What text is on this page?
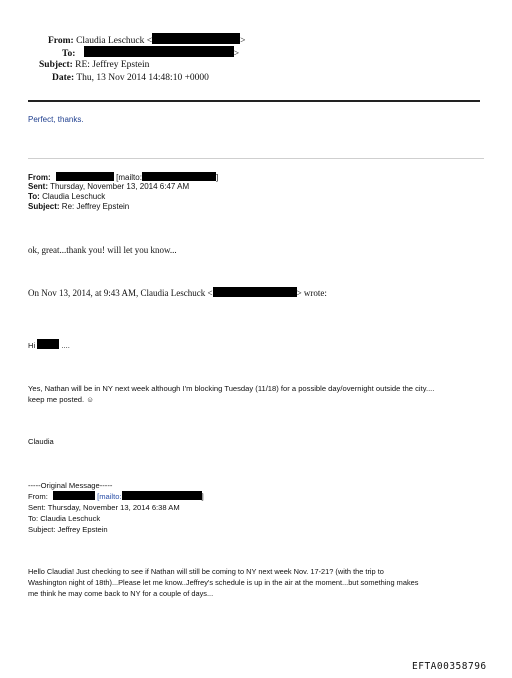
From: Claudia Leschuck <	>
To:	>
Subject: RE: Jeffrey Epstein
Date: Thu, 13 Nov 2014 14:48:10 +0000
Perfect, thanks.
From:	[mailto:	]
Sent: Thursday, November 13, 2014 6:47 AM
To: Claudia Leschuck
Subject: Re: Jeffrey Epstein
ok, great...thank you! will let you know...
On Nov 13, 2014, at 9:43 AM, Claudia Leschuck <	> wrote:
Hi	....
Yes, Nathan will be in NY next week although I'm blocking Tuesday (11/18) for a possible day/overnight outside the city....
keep me posted. ☺
Claudia
-----Original Message-----
From:	[mailto:	]
Sent: Thursday, November 13, 2014 6:38 AM
To: Claudia Leschuck
Subject: Jeffrey Epstein
Hello Claudia! Just checking to see if Nathan will still be coming to NY next week Nov. 17-21? (with the trip to
Washington night of 18th)...Please let me know..Jeffrey's schedule is up in the air at the moment...but something makes
me think he may come back to NY for a couple of days...
EFTA00358796
